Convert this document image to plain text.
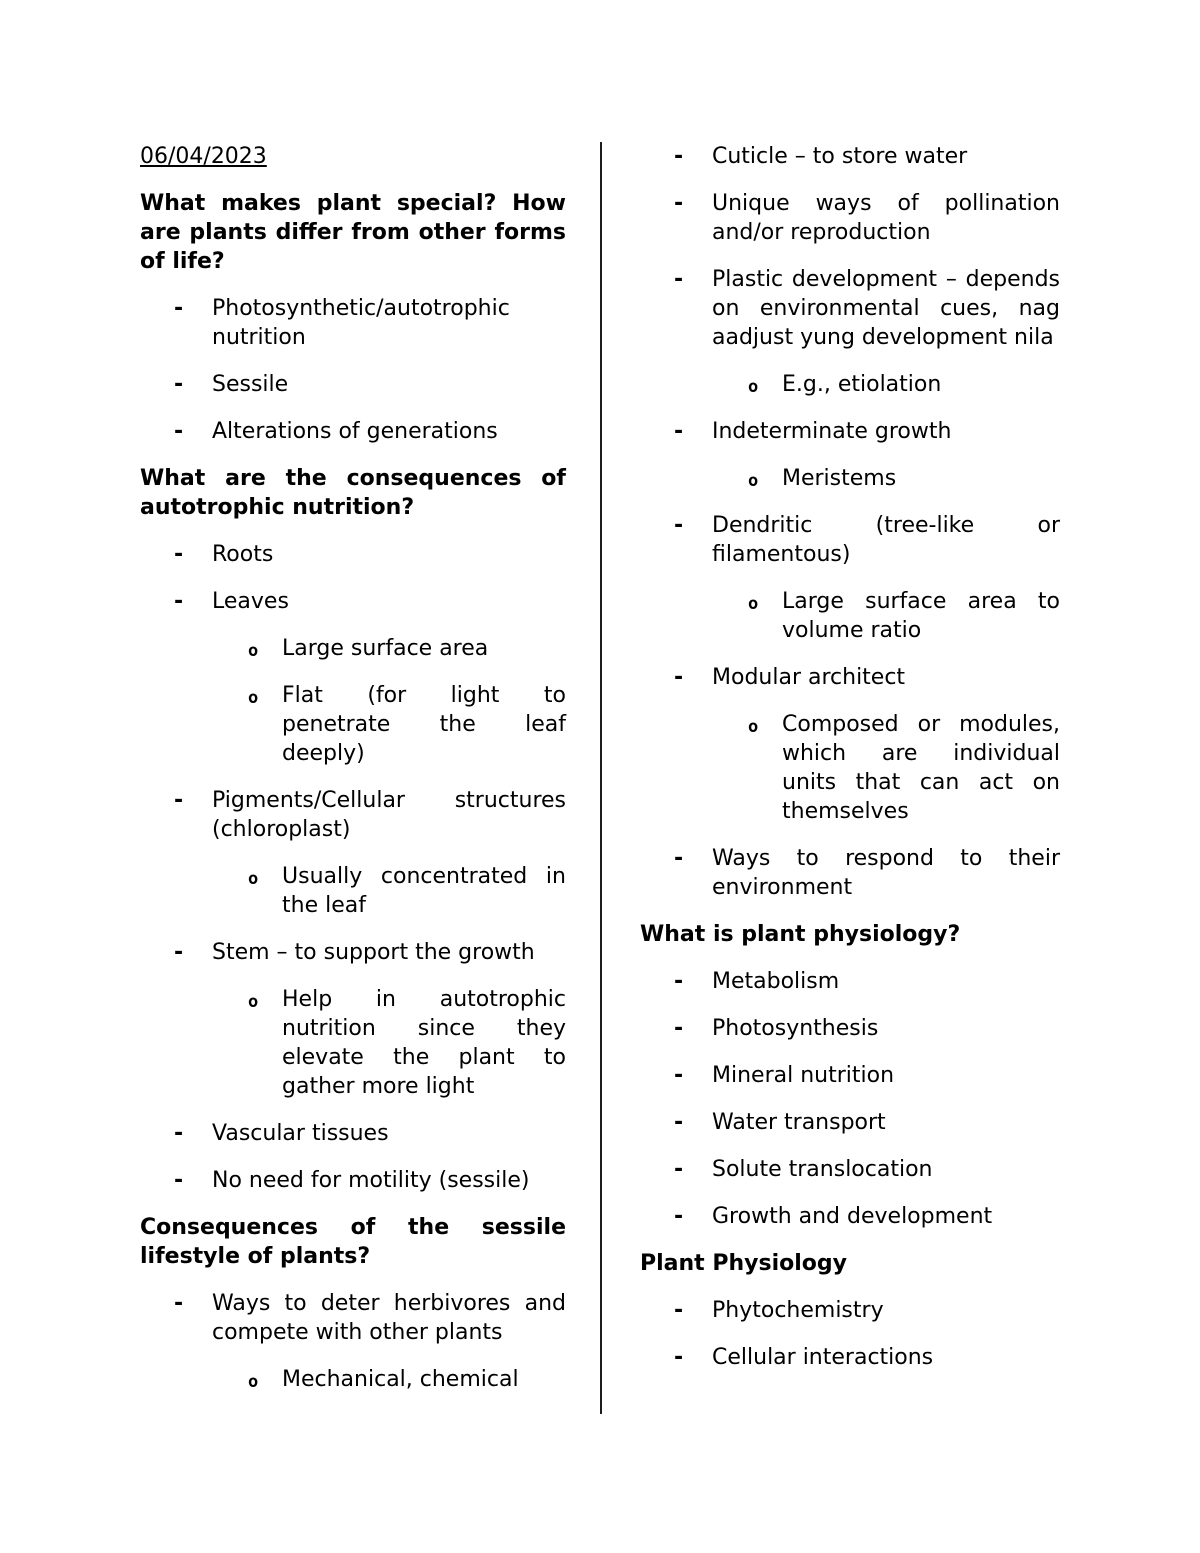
06/04/2023
What makes plant special? How are plants differ from other forms of life?
- Photosynthetic/autotrophic nutrition
- Sessile
- Alterations of generations
What are the consequences of autotrophic nutrition?
- Roots
- Leaves
o Large surface area
o Flat (for light to penetrate the leaf deeply)
- Pigments/Cellular structures (chloroplast)
o Usually concentrated in the leaf
- Stem – to support the growth
o Help in autotrophic nutrition since they elevate the plant to gather more light
- Vascular tissues
- No need for motility (sessile)
Consequences of the sessile lifestyle of plants?
- Ways to deter herbivores and compete with other plants
o Mechanical, chemical
- Cuticle – to store water
- Unique ways of pollination and/or reproduction
- Plastic development – depends on environmental cues, nag aadjust yung development nila
o E.g., etiolation
- Indeterminate growth
o Meristems
- Dendritic (tree-like or filamentous)
o Large surface area to volume ratio
- Modular architect
o Composed or modules, which are individual units that can act on themselves
- Ways to respond to their environment
What is plant physiology?
- Metabolism
- Photosynthesis
- Mineral nutrition
- Water transport
- Solute translocation
- Growth and development
Plant Physiology
- Phytochemistry
- Cellular interactions
